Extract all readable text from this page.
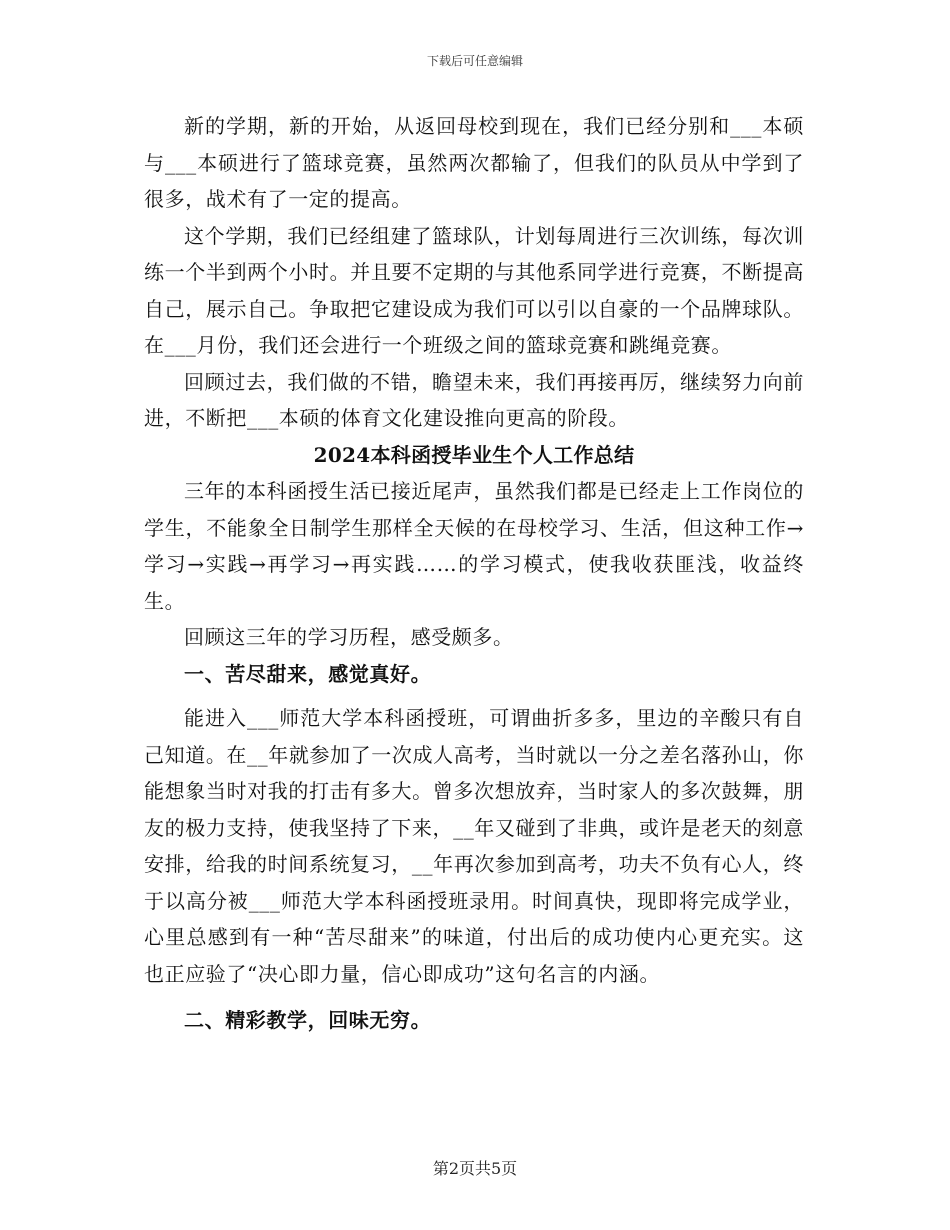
下载后可任意编辑

新的学期，新的开始，从返回母校到现在，我们已经分别和___本硕与___本硕进行了篮球竞赛，虽然两次都输了，但我们的队员从中学到了很多，战术有了一定的提高。

这个学期，我们已经组建了篮球队，计划每周进行三次训练，每次训练一个半到两个小时。并且要不定期的与其他系同学进行竞赛，不断提高自己，展示自己。争取把它建设成为我们可以引以自豪的一个品牌球队。在___月份，我们还会进行一个班级之间的篮球竞赛和跳绳竞赛。

回顾过去，我们做的不错，瞻望未来，我们再接再厉，继续努力向前进，不断把___本硕的体育文化建设推向更高的阶段。

2024本科函授毕业生个人工作总结

三年的本科函授生活已接近尾声，虽然我们都是已经走上工作岗位的学生，不能象全日制学生那样全天候的在母校学习、生活，但这种工作→学习→实践→再学习→再实践……的学习模式，使我收获匪浅，收益终生。

回顾这三年的学习历程，感受颇多。

一、苦尽甜来，感觉真好。

能进入___师范大学本科函授班，可谓曲折多多，里边的辛酸只有自己知道。在__年就参加了一次成人高考，当时就以一分之差名落孙山，你能想象当时对我的打击有多大。曾多次想放弃，当时家人的多次鼓舞，朋友的极力支持，使我坚持了下来，__年又碰到了非典，或许是老天的刻意安排，给我的时间系统复习，__年再次参加到高考，功夫不负有心人，终于以高分被___师范大学本科函授班录用。时间真快，现即将完成学业，心里总感到有一种“苦尽甜来”的味道，付出后的成功使内心更充实。这也正应验了“决心即力量，信心即成功”这句名言的内涵。

二、精彩教学，回味无穷。
第2页共5页
